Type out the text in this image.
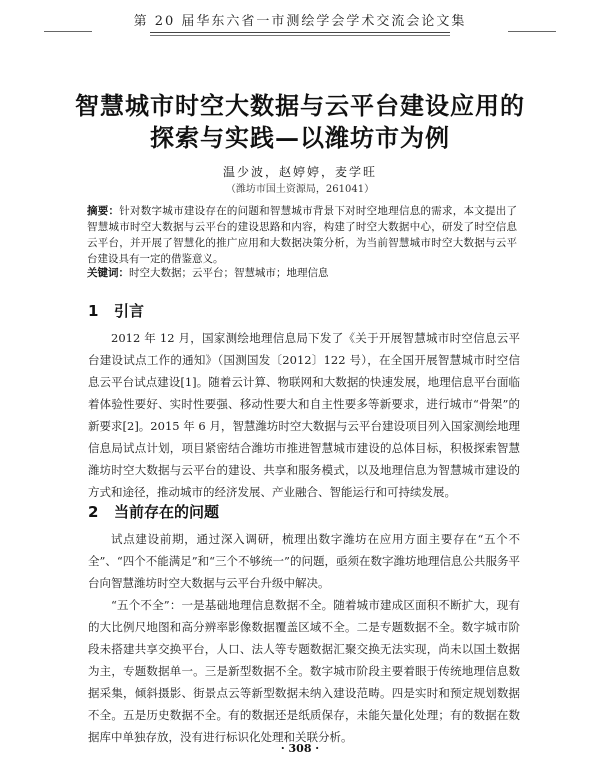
第 20 届华东六省一市测绘学会学术交流会论文集
智慧城市时空大数据与云平台建设应用的
探索与实践—以潍坊市为例
温少波，赵婷婷，麦学旺
（潍坊市国土资源局，261041）
摘要：针对数字城市建设存在的问题和智慧城市背景下对时空地理信息的需求，本文提出了智慧城市时空大数据与云平台的建设思路和内容，构建了时空大数据中心，研发了时空信息云平台，并开展了智慧化的推广应用和大数据决策分析，为当前智慧城市时空大数据与云平台建设具有一定的借鉴意义。
关键词：时空大数据；云平台；智慧城市；地理信息
1 引言
2012 年 12 月，国家测绘地理信息局下发了《关于开展智慧城市时空信息云平台建设试点工作的通知》（国测国发〔2012〕122 号），在全国开展智慧城市时空信息云平台试点建设[1]。随着云计算、物联网和大数据的快速发展，地理信息平台面临着体验性要好、实时性要强、移动性要大和自主性要多等新要求，进行城市“骨架”的新要求[2]。2015 年 6 月，智慧潍坊时空大数据与云平台建设项目列入国家测绘地理信息局试点计划，项目紧密结合潍坊市推进智慧城市建设的总体目标，积极探索智慧潍坊时空大数据与云平台的建设、共享和服务模式，以及地理信息为智慧城市建设的方式和途径，推动城市的经济发展、产业融合、智能运行和可持续发展。
2 当前存在的问题
试点建设前期，通过深入调研，梳理出数字潍坊在应用方面主要存在“五个不全”、“四个不能满足”和“三个不够统一”的问题，亟须在数字潍坊地理信息公共服务平台向智慧潍坊时空大数据与云平台升级中解决。
“五个不全”：一是基础地理信息数据不全。随着城市建成区面积不断扩大，现有的大比例尺地图和高分辨率影像数据覆盖区域不全。二是专题数据不全。数字城市阶段未搭建共享交换平台，人口、法人等专题数据汇聚交换无法实现，尚未以国土数据为主，专题数据单一。三是新型数据不全。数字城市阶段主要着眼于传统地理信息数据采集，倾斜摄影、街景点云等新型数据未纳入建设范畴。四是实时和预定规划数据不全。五是历史数据不全。有的数据还是纸质保存，未能矢量化处理；有的数据在数据库中单独存放，没有进行标识化处理和关联分析。
· 308 ·
